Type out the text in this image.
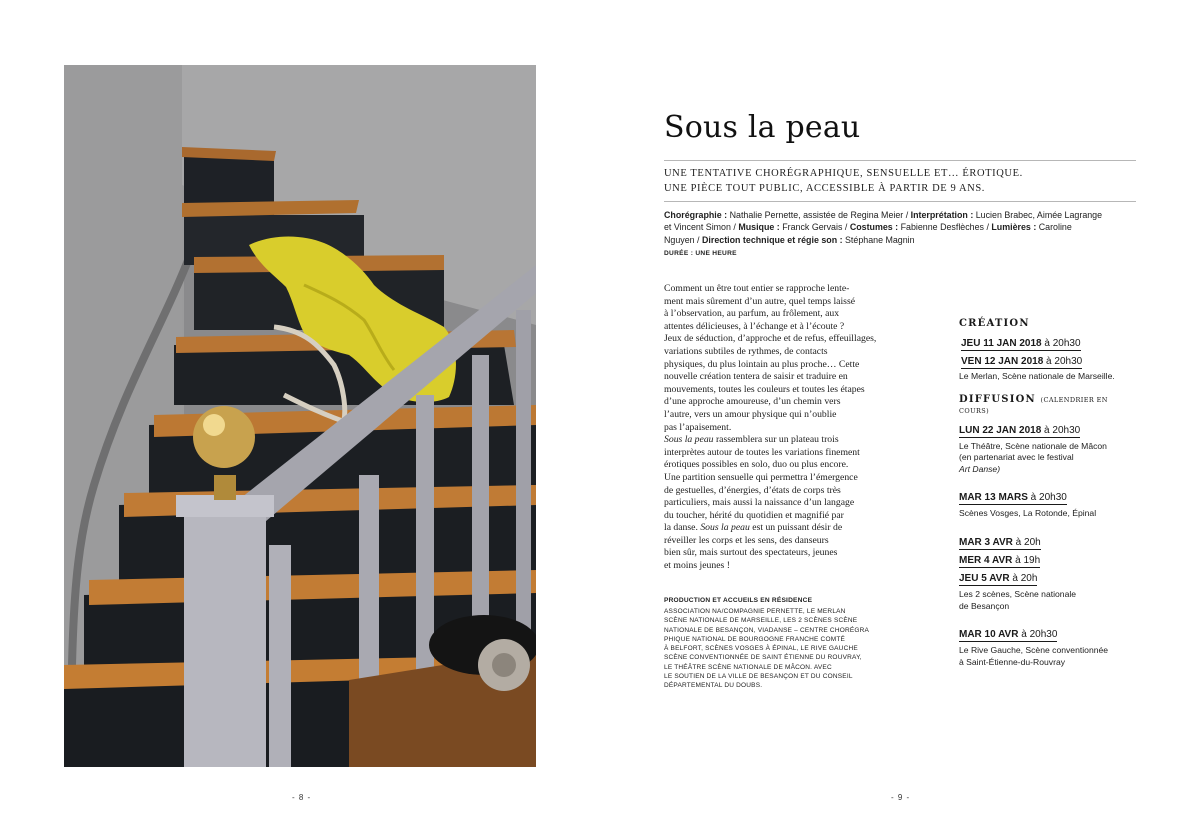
- 8 -
Sous la peau
UNE TENTATIVE CHORÉGRAPHIQUE, SENSUELLE ET… ÉROTIQUE.
UNE PIÈCE TOUT PUBLIC, ACCESSIBLE À PARTIR DE 9 ANS.
Chorégraphie : Nathalie Pernette, assistée de Regina Meier / Interprétation : Lucien Brabec, Aimée Lagrange et Vincent Simon / Musique : Franck Gervais / Costumes : Fabienne Desflèches / Lumières : Caroline Nguyen / Direction technique et régie son : Stéphane Magnin
DURÉE : UNE HEURE
Comment un être tout entier se rapproche lente-
ment mais sûrement d’un autre, quel temps laissé
à l’observation, au parfum, au frôlement, aux
attentes délicieuses, à l’échange et à l’écoute ?
Jeux de séduction, d’approche et de refus, effeuillages,
variations subtiles de rythmes, de contacts
physiques, du plus lointain au plus proche… Cette
nouvelle création tentera de saisir et traduire en
mouvements, toutes les couleurs et toutes les étapes
d’une approche amoureuse, d’un chemin vers
l’autre, vers un amour physique qui n’oublie
pas l’apaisement.
Sous la peau rassemblera sur un plateau trois
interprètes autour de toutes les variations finement
érotiques possibles en solo, duo ou plus encore.
Une partition sensuelle qui permettra l’émergence
de gestuelles, d’énergies, d’états de corps très
particuliers, mais aussi la naissance d’un langage
du toucher, hérité du quotidien et magnifié par
la danse. Sous la peau est un puissant désir de
réveiller les corps et les sens, des danseurs
bien sûr, mais surtout des spectateurs, jeunes
et moins jeunes !
PRODUCTION ET ACCUEILS EN RÉSIDENCE
ASSOCIATION NA/COMPAGNIE PERNETTE, LE MERLAN
SCÈNE NATIONALE DE MARSEILLE, LES 2 SCÈNES SCÈNE
NATIONALE DE BESANÇON, VIADANSE – CENTRE CHORÉGRA
PHIQUE NATIONAL DE BOURGOGNE FRANCHE COMTÉ
À BELFORT, SCÈNES VOSGES À ÉPINAL, LE RIVE GAUCHE
SCÈNE CONVENTIONNÉE DE SAINT ÉTIENNE DU ROUVRAY,
LE THÉÂTRE SCÈNE NATIONALE DE MÂCON. AVEC
LE SOUTIEN DE LA VILLE DE BESANÇON ET DU CONSEIL
DÉPARTEMENTAL DU DOUBS.
CRÉATION
JEU 11 JAN 2018 à 20h30
VEN 12 JAN 2018 à 20h30
Le Merlan, Scène nationale de Marseille.
DIFFUSION (CALENDRIER EN COURS)
LUN 22 JAN 2018 à 20h30
Le Théâtre, Scène nationale de Mâcon
(en partenariat avec le festival
Art Danse)
MAR 13 MARS à 20h30
Scènes Vosges, La Rotonde, Épinal
MAR 3 AVR à 20h
MER 4 AVR à 19h
JEU 5 AVR à 20h
Les 2 scènes, Scène nationale
de Besançon
MAR 10 AVR à 20h30
Le Rive Gauche, Scène conventionnée
à Saint-Étienne-du-Rouvray
- 9 -
